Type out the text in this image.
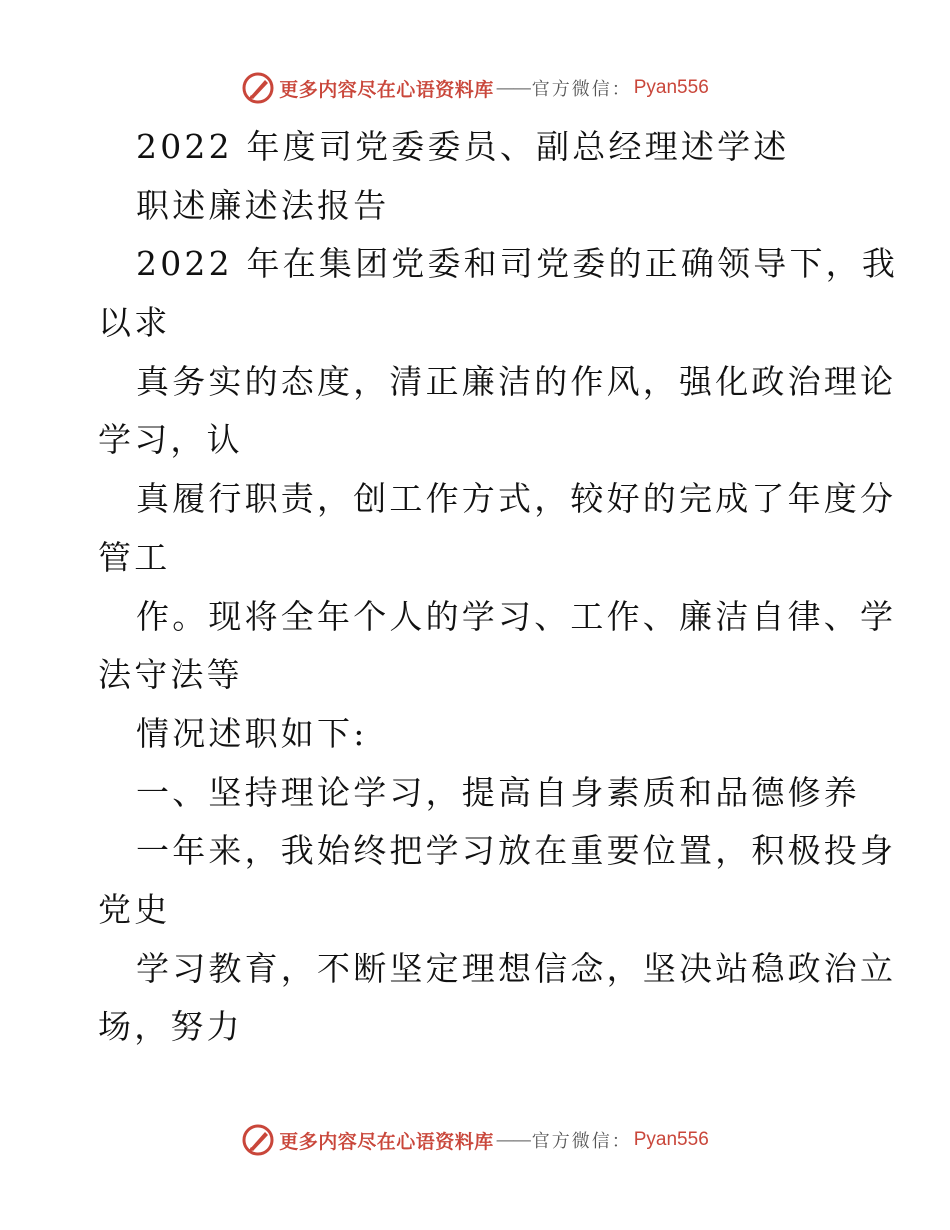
更多内容尽在心语资料库 —— 官方微信： Pyan556
2022 年度司党委委员、副总经理述学述
职述廉述法报告
2022 年在集团党委和司党委的正确领导下，我
以求
真务实的态度，清正廉洁的作风，强化政治理论
学习，认
真履行职责，创工作方式，较好的完成了年度分
管工
作。现将全年个人的学习、工作、廉洁自律、学
法守法等
情况述职如下:
一、坚持理论学习，提高自身素质和品德修养
一年来，我始终把学习放在重要位置，积极投身
党史
学习教育，不断坚定理想信念，坚决站稳政治立
场，努力
更多内容尽在心语资料库 —— 官方微信： Pyan556
